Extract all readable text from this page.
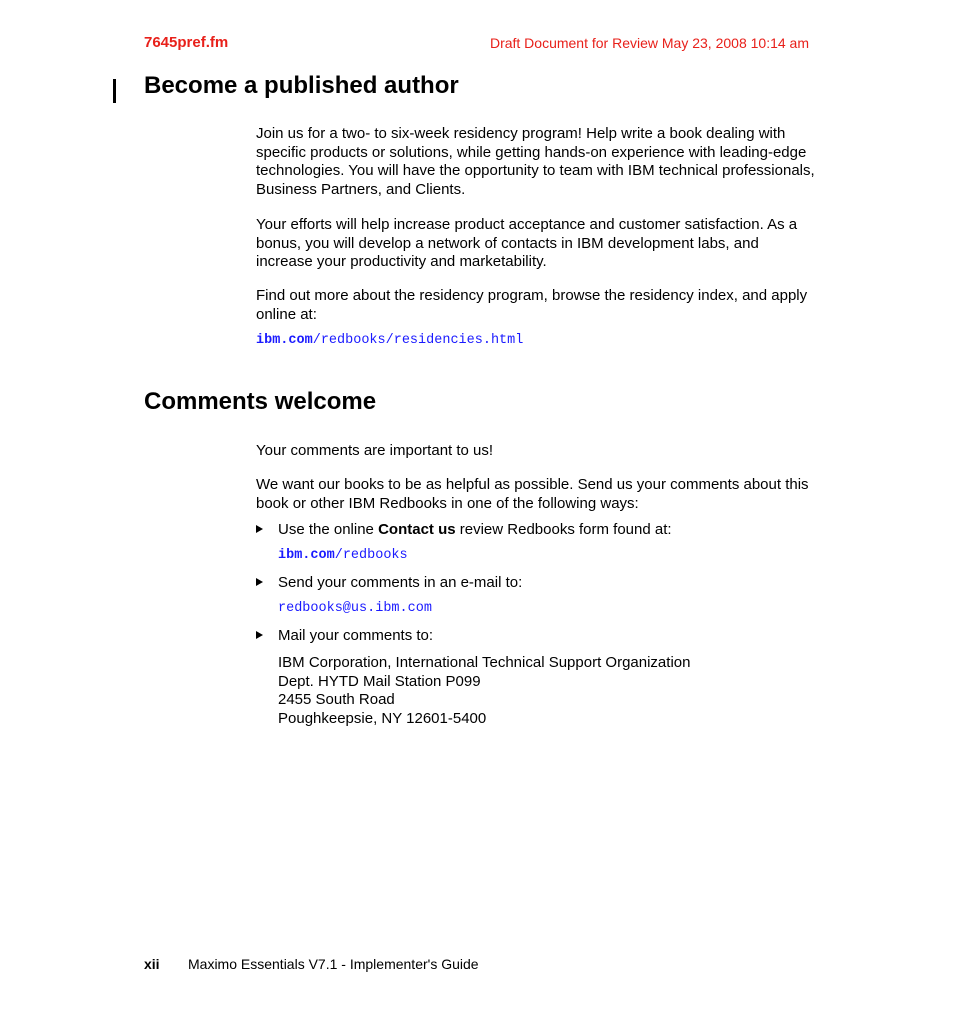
7645pref.fm	Draft Document for Review May 23, 2008 10:14 am
Become a published author

Join us for a two- to six-week residency program! Help write a book dealing with specific products or solutions, while getting hands-on experience with leading-edge technologies. You will have the opportunity to team with IBM technical professionals, Business Partners, and Clients.

Your efforts will help increase product acceptance and customer satisfaction. As a bonus, you will develop a network of contacts in IBM development labs, and increase your productivity and marketability.

Find out more about the residency program, browse the residency index, and apply online at:

ibm.com/redbooks/residencies.html
Comments welcome

Your comments are important to us!

We want our books to be as helpful as possible. Send us your comments about this book or other IBM Redbooks in one of the following ways:

Use the online Contact us review Redbooks form found at:
ibm.com/redbooks
Send your comments in an e-mail to:
redbooks@us.ibm.com
Mail your comments to:
IBM Corporation, International Technical Support Organization
Dept. HYTD Mail Station P099
2455 South Road
Poughkeepsie, NY 12601-5400
xii Maximo Essentials V7.1 - Implementer's Guide
